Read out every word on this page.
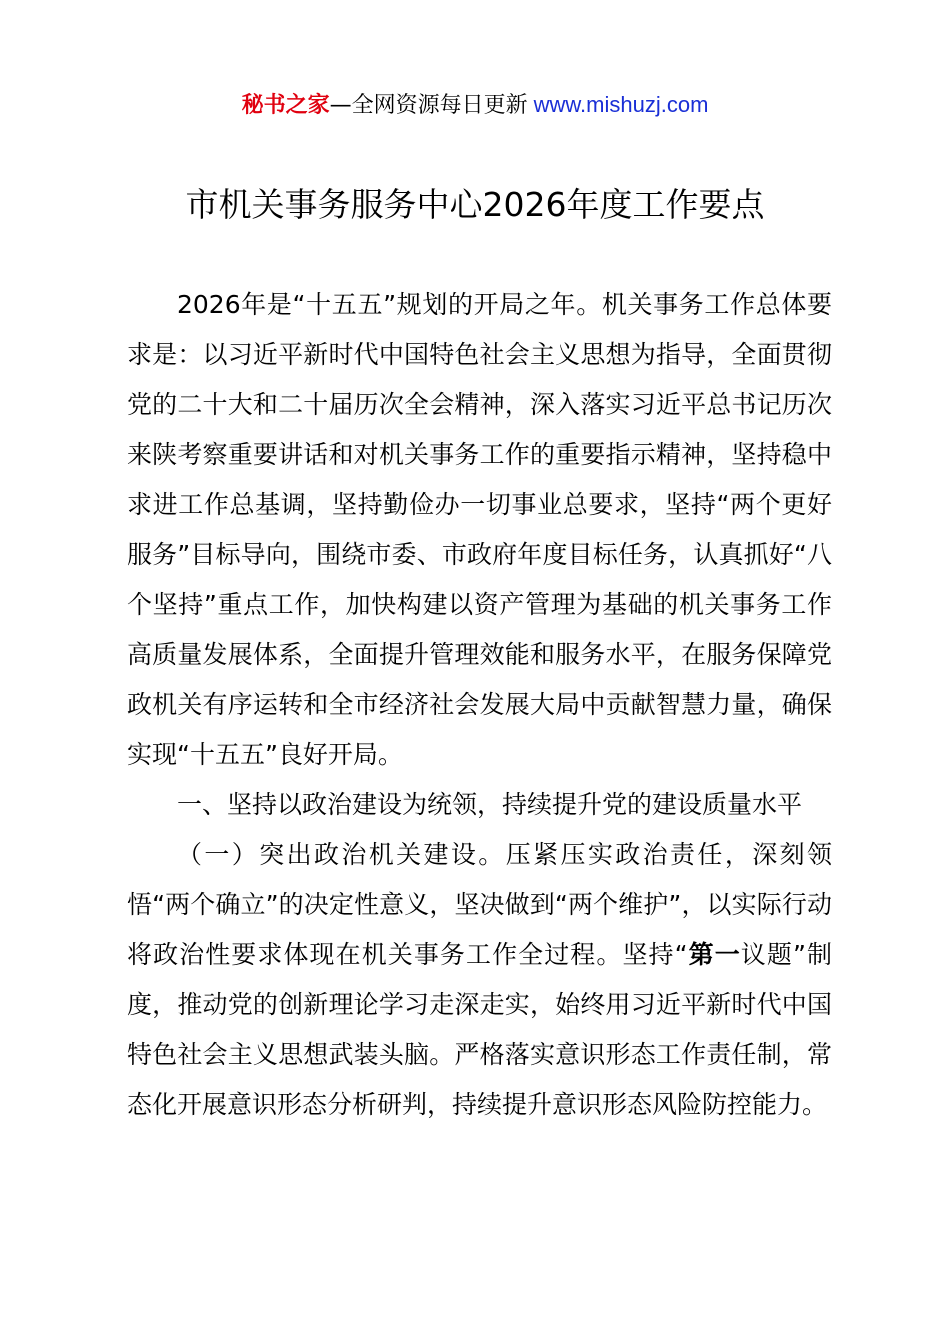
秘书之家—全网资源每日更新 www.mishuzj.com
市机关事务服务中心2026年度工作要点

2026年是“十五五”规划的开局之年。机关事务工作总体要求是：以习近平新时代中国特色社会主义思想为指导，全面贯彻党的二十大和二十届历次全会精神，深入落实习近平总书记历次来陕考察重要讲话和对机关事务工作的重要指示精神，坚持稳中求进工作总基调，坚持勤俭办一切事业总要求，坚持“两个更好服务”目标导向，围绕市委、市政府年度目标任务，认真抓好“八个坚持”重点工作，加快构建以资产管理为基础的机关事务工作高质量发展体系，全面提升管理效能和服务水平，在服务保障党政机关有序运转和全市经济社会发展大局中贡献智慧力量，确保实现“十五五”良好开局。

一、坚持以政治建设为统领，持续提升党的建设质量水平

（一）突出政治机关建设。压紧压实政治责任，深刻领悟“两个确立”的决定性意义，坚决做到“两个维护”，以实际行动将政治性要求体现在机关事务工作全过程。坚持“第一议题”制度，推动党的创新理论学习走深走实，始终用习近平新时代中国特色社会主义思想武装头脑。严格落实意识形态工作责任制，常态化开展意识形态分析研判，持续提升意识形态风险防控能力。
